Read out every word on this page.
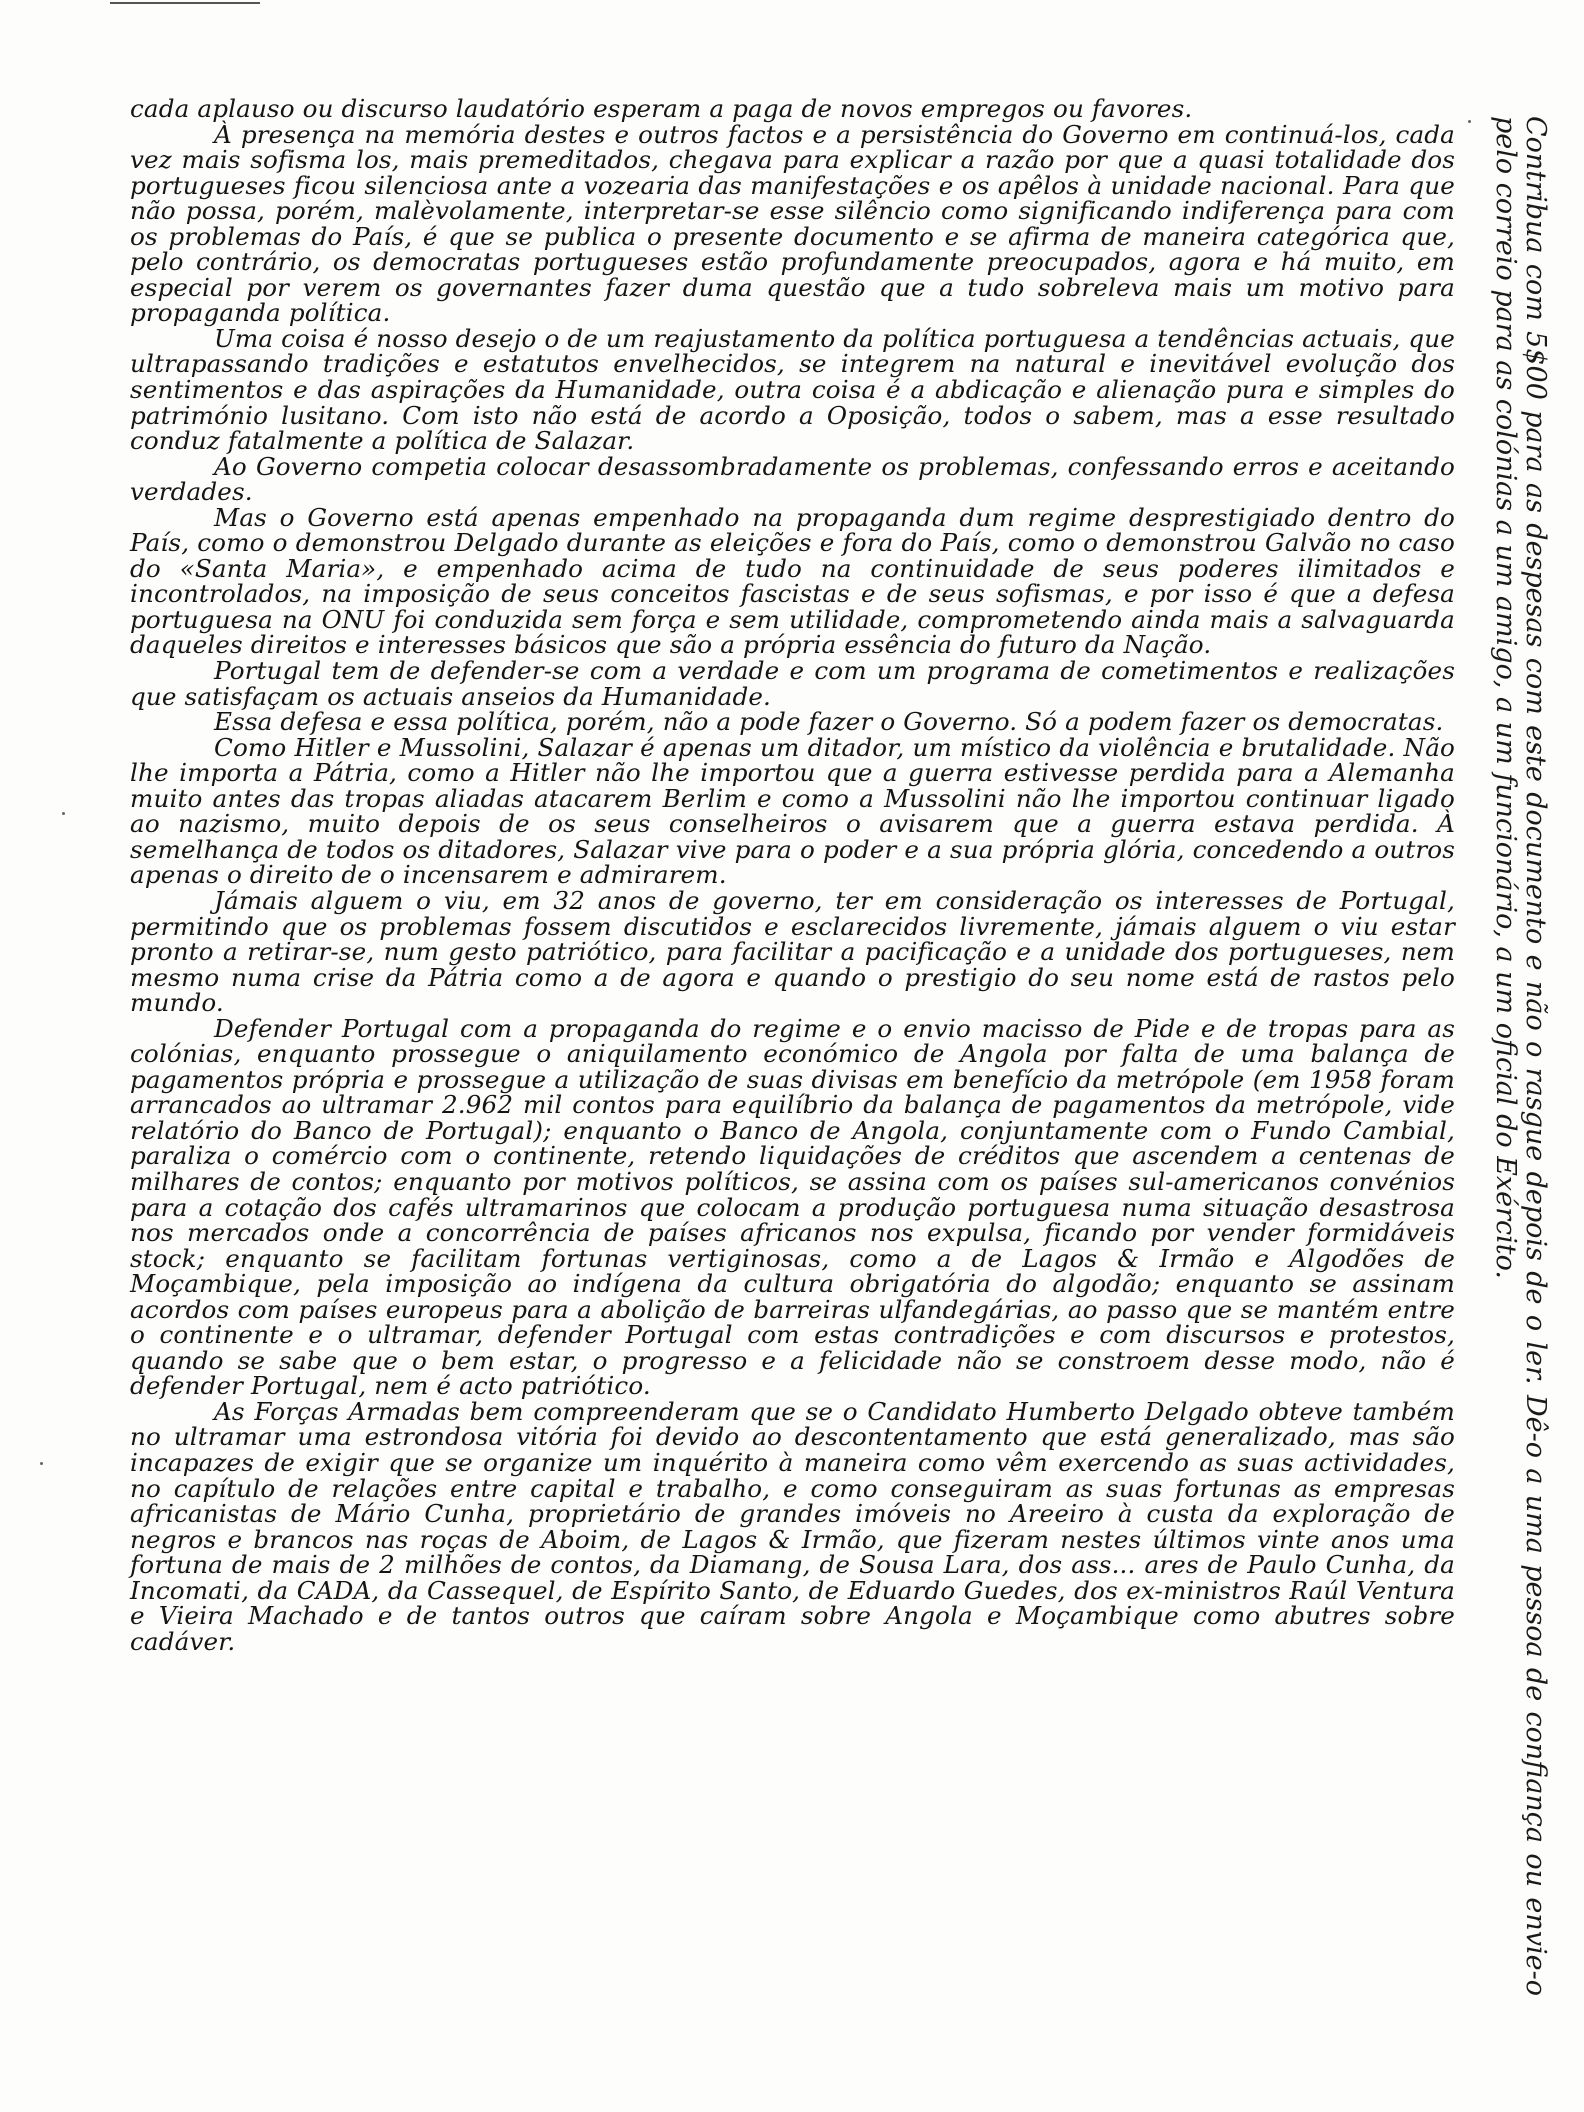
cada aplauso ou discurso laudatório esperam a paga de novos empregos ou favores.

À presença na memória destes e outros factos e a persistência do Governo em continuá-los, cada vez mais sofisma los, mais premeditados, chegava para explicar a razão por que a quasi totalidade dos portugueses ficou silenciosa ante a vozearia das manifestações e os apêlos à unidade nacional. Para que não possa, porém, malèvolamente, interpretar-se esse silêncio como significando indiferença para com os problemas do País, é que se publica o presente documento e se afirma de maneira categórica que, pelo contrário, os democratas portugueses estão profundamente preocupados, agora e há muito, em especial por verem os governantes fazer duma questão que a tudo sobreleva mais um motivo para propaganda política.

Uma coisa é nosso desejo o de um reajustamento da política portuguesa a tendências actuais, que ultrapassando tradições e estatutos envelhecidos, se integrem na natural e inevitável evolução dos sentimentos e das aspirações da Humanidade, outra coisa é a abdicação e alienação pura e simples do património lusitano. Com isto não está de acordo a Oposição, todos o sabem, mas a esse resultado conduz fatalmente a política de Salazar.

Ao Governo competia colocar desassombradamente os problemas, confessando erros e aceitando verdades.

Mas o Governo está apenas empenhado na propaganda dum regime desprestigiado dentro do País, como o demonstrou Delgado durante as eleições e fora do País, como o demonstrou Galvão no caso do «Santa Maria», e empenhado acima de tudo na continuidade de seus poderes ilimitados e incontrolados, na imposição de seus conceitos fascistas e de seus sofismas, e por isso é que a defesa portuguesa na ONU foi conduzida sem força e sem utilidade, comprometendo ainda mais a salvaguarda daqueles direitos e interesses básicos que são a própria essência do futuro da Nação.

Portugal tem de defender-se com a verdade e com um programa de cometimentos e realizações que satisfaçam os actuais anseios da Humanidade.

Essa defesa e essa política, porém, não a pode fazer o Governo. Só a podem fazer os democratas.

Como Hitler e Mussolini, Salazar é apenas um ditador, um místico da violência e brutalidade. Não lhe importa a Pátria, como a Hitler não lhe importou que a guerra estivesse perdida para a Alemanha muito antes das tropas aliadas atacarem Berlim e como a Mussolini não lhe importou continuar ligado ao nazismo, muito depois de os seus conselheiros o avisarem que a guerra estava perdida. À semelhança de todos os ditadores, Salazar vive para o poder e a sua própria glória, concedendo a outros apenas o direito de o incensarem e admirarem.

Jámais alguem o viu, em 32 anos de governo, ter em consideração os interesses de Portugal, permitindo que os problemas fossem discutidos e esclarecidos livremente, jámais alguem o viu estar pronto a retirar-se, num gesto patriótico, para facilitar a pacificação e a unidade dos portugueses, nem mesmo numa crise da Pátria como a de agora e quando o prestigio do seu nome está de rastos pelo mundo.

Defender Portugal com a propaganda do regime e o envio macisso de Pide e de tropas para as colónias, enquanto prossegue o aniquilamento económico de Angola por falta de uma balança de pagamentos própria e prossegue a utilização de suas divisas em benefício da metrópole (em 1958 foram arrancados ao ultramar 2.962 mil contos para equilíbrio da balança de pagamentos da metrópole, vide relatório do Banco de Portugal); enquanto o Banco de Angola, conjuntamente com o Fundo Cambial, paraliza o comércio com o continente, retendo liquidações de créditos que ascendem a centenas de milhares de contos; enquanto por motivos políticos, se assina com os países sul-americanos convénios para a cotação dos cafés ultramarinos que colocam a produção portuguesa numa situação desastrosa nos mercados onde a concorrência de países africanos nos expulsa, ficando por vender formidáveis stock; enquanto se facilitam fortunas vertiginosas, como a de Lagos & Irmão e Algodões de Moçambique, pela imposição ao indígena da cultura obrigatória do algodão; enquanto se assinam acordos com países europeus para a abolição de barreiras ulfandegárias, ao passo que se mantém entre o continente e o ultramar, defender Portugal com estas contradições e com discursos e protestos, quando se sabe que o bem estar, o progresso e a felicidade não se constroem desse modo, não é defender Portugal, nem é acto patriótico.

As Forças Armadas bem compreenderam que se o Candidato Humberto Delgado obteve também no ultramar uma estrondosa vitória foi devido ao descontentamento que está generalizado, mas são incapazes de exigir que se organize um inquérito à maneira como vêm exercendo as suas actividades, no capítulo de relações entre capital e trabalho, e como conseguiram as suas fortunas as empresas africanistas de Mário Cunha, proprietário de grandes imóveis no Areeiro à custa da exploração de negros e brancos nas roças de Aboim, de Lagos & Irmão, que fizeram nestes últimos vinte anos uma fortuna de mais de 2 milhões de contos, da Diamang, de Sousa Lara, dos ass... ares de Paulo Cunha, da Incomati, da CADA, da Cassequel, de Espírito Santo, de Eduardo Guedes, dos ex-ministros Raúl Ventura e Vieira Machado e de tantos outros que caíram sobre Angola e Moçambique como abutres sobre cadáver.	Contribua com 5$00 para as despesas com este documento e não o rasgue depois de o ler. Dê-o a uma pessoa de confiança ou envie-o pelo correio para as colónias a um amigo, a um funcionário, a um oficial do Exército.
